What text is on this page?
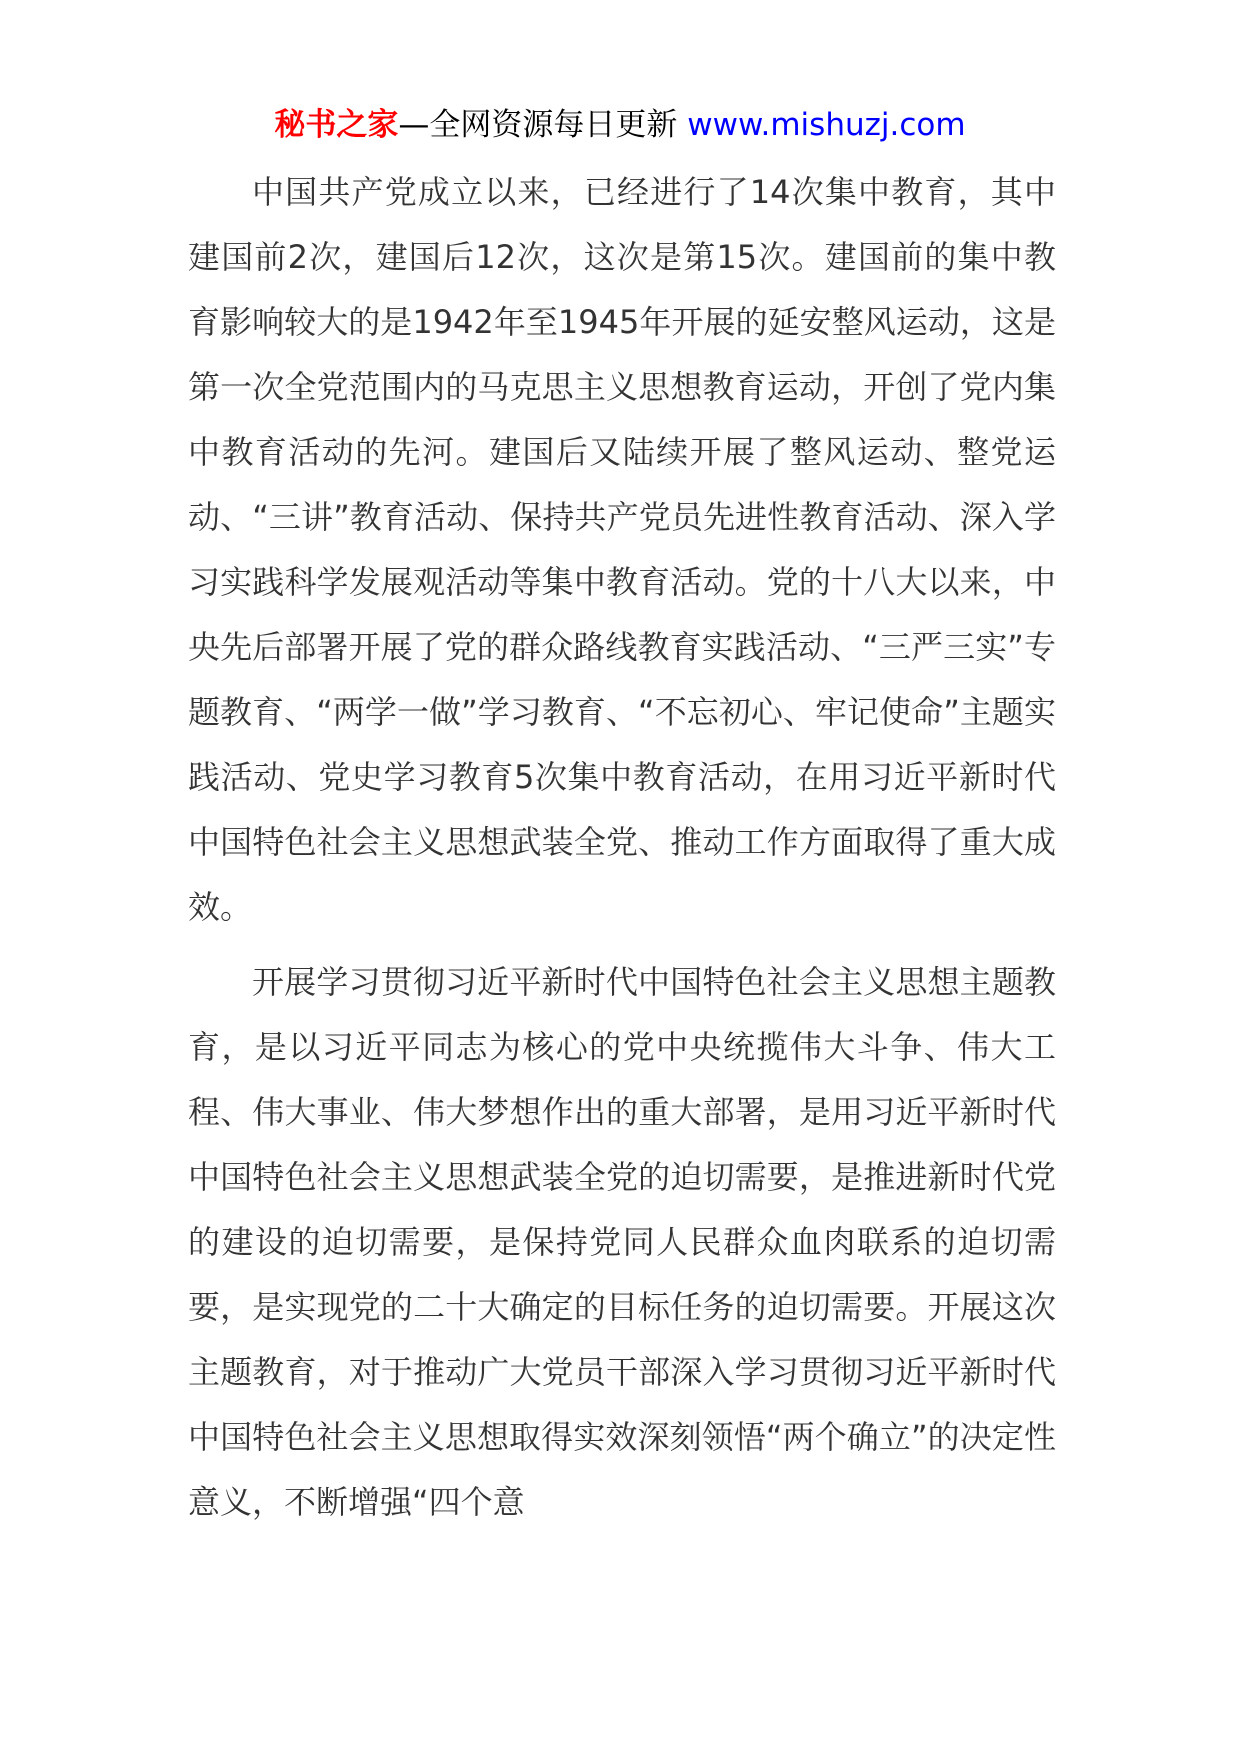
秘书之家—全网资源每日更新 www.mishuzj.com

中国共产党成立以来，已经进行了14次集中教育，其中建国前2次，建国后12次，这次是第15次。建国前的集中教育影响较大的是1942年至1945年开展的延安整风运动，这是第一次全党范围内的马克思主义思想教育运动，开创了党内集中教育活动的先河。建国后又陆续开展了整风运动、整党运动、“三讲”教育活动、保持共产党员先进性教育活动、深入学习实践科学发展观活动等集中教育活动。党的十八大以来，中央先后部署开展了党的群众路线教育实践活动、“三严三实”专题教育、“两学一做”学习教育、“不忘初心、牢记使命”主题实践活动、党史学习教育5次集中教育活动，在用习近平新时代中国特色社会主义思想武装全党、推动工作方面取得了重大成效。

开展学习贯彻习近平新时代中国特色社会主义思想主题教育，是以习近平同志为核心的党中央统揽伟大斗争、伟大工程、伟大事业、伟大梦想作出的重大部署，是用习近平新时代中国特色社会主义思想武装全党的迫切需要，是推进新时代党的建设的迫切需要，是保持党同人民群众血肉联系的迫切需要，是实现党的二十大确定的目标任务的迫切需要。开展这次主题教育，对于推动广大党员干部深入学习贯彻习近平新时代中国特色社会主义思想取得实效深刻领悟“两个确立”的决定性意义，不断增强“四个意
